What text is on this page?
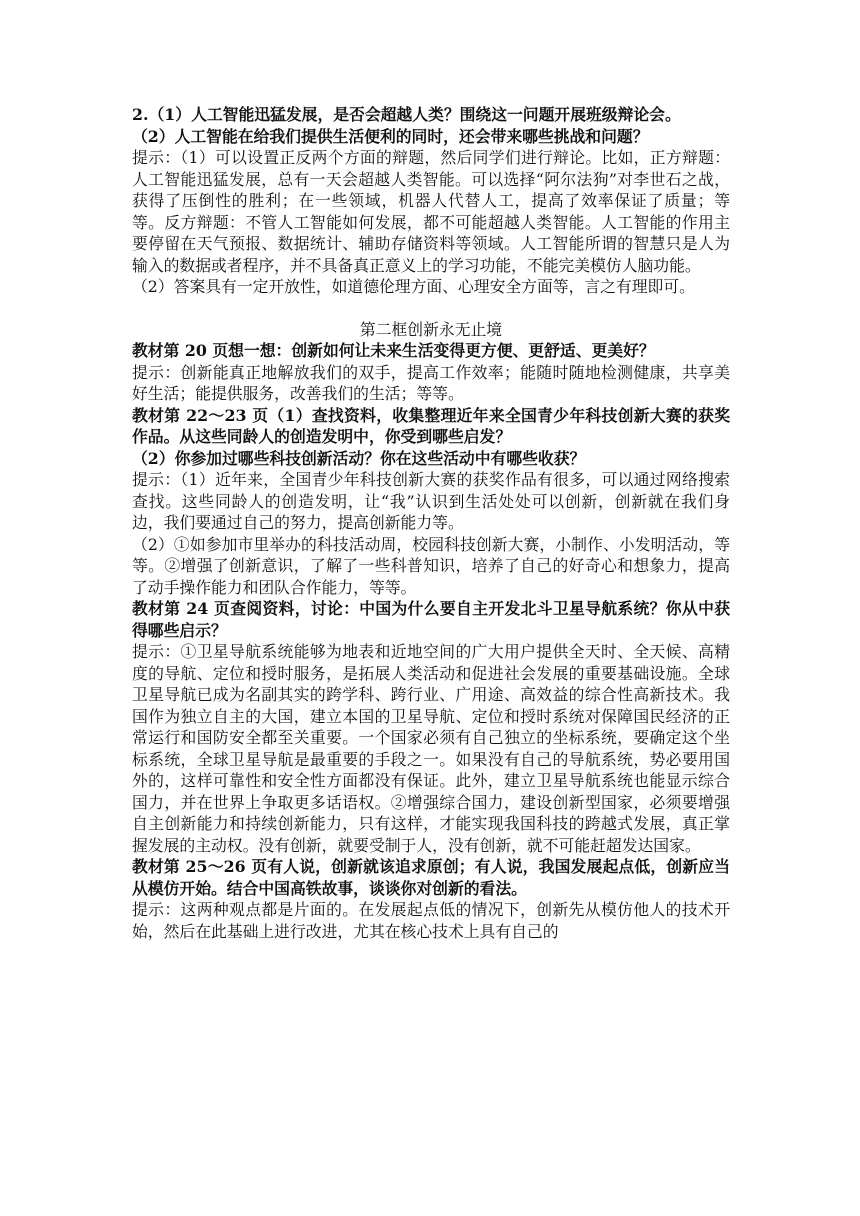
2.（1）人工智能迅猛发展，是否会超越人类？围绕这一问题开展班级辩论会。

（2）人工智能在给我们提供生活便利的同时，还会带来哪些挑战和问题？

提示：（1）可以设置正反两个方面的辩题，然后同学们进行辩论。比如，正方辩题：人工智能迅猛发展，总有一天会超越人类智能。可以选择“阿尔法狗”对李世石之战，获得了压倒性的胜利；在一些领域，机器人代替人工，提高了效率保证了质量；等等。反方辩题：不管人工智能如何发展，都不可能超越人类智能。人工智能的作用主要停留在天气预报、数据统计、辅助存储资料等领域。人工智能所谓的智慧只是人为输入的数据或者程序，并不具备真正意义上的学习功能，不能完美模仿人脑功能。

（2）答案具有一定开放性，如道德伦理方面、心理安全方面等，言之有理即可。

第二框创新永无止境

教材第 20 页想一想：创新如何让未来生活变得更方便、更舒适、更美好？

提示：创新能真正地解放我们的双手，提高工作效率；能随时随地检测健康，共享美好生活；能提供服务，改善我们的生活；等等。

教材第 22～23 页（1）查找资料，收集整理近年来全国青少年科技创新大赛的获奖作品。从这些同龄人的创造发明中，你受到哪些启发？

（2）你参加过哪些科技创新活动？你在这些活动中有哪些收获？

提示：（1）近年来，全国青少年科技创新大赛的获奖作品有很多，可以通过网络搜索查找。这些同龄人的创造发明，让“我”认识到生活处处可以创新，创新就在我们身边，我们要通过自己的努力，提高创新能力等。

（2）①如参加市里举办的科技活动周，校园科技创新大赛，小制作、小发明活动，等等。②增强了创新意识，了解了一些科普知识，培养了自己的好奇心和想象力，提高了动手操作能力和团队合作能力，等等。

教材第 24 页查阅资料，讨论：中国为什么要自主开发北斗卫星导航系统？你从中获得哪些启示？

提示：①卫星导航系统能够为地表和近地空间的广大用户提供全天时、全天候、高精度的导航、定位和授时服务，是拓展人类活动和促进社会发展的重要基础设施。全球卫星导航已成为名副其实的跨学科、跨行业、广用途、高效益的综合性高新技术。我国作为独立自主的大国，建立本国的卫星导航、定位和授时系统对保障国民经济的正常运行和国防安全都至关重要。一个国家必须有自己独立的坐标系统，要确定这个坐标系统，全球卫星导航是最重要的手段之一。如果没有自己的导航系统，势必要用国外的，这样可靠性和安全性方面都没有保证。此外，建立卫星导航系统也能显示综合国力，并在世界上争取更多话语权。②增强综合国力，建设创新型国家，必须要增强自主创新能力和持续创新能力，只有这样，才能实现我国科技的跨越式发展，真正掌握发展的主动权。没有创新，就要受制于人，没有创新，就不可能赶超发达国家。

教材第 25～26 页有人说，创新就该追求原创；有人说，我国发展起点低，创新应当从模仿开始。结合中国高铁故事，谈谈你对创新的看法。

提示：这两种观点都是片面的。在发展起点低的情况下，创新先从模仿他人的技术开始，然后在此基础上进行改进，尤其在核心技术上具有自己的
